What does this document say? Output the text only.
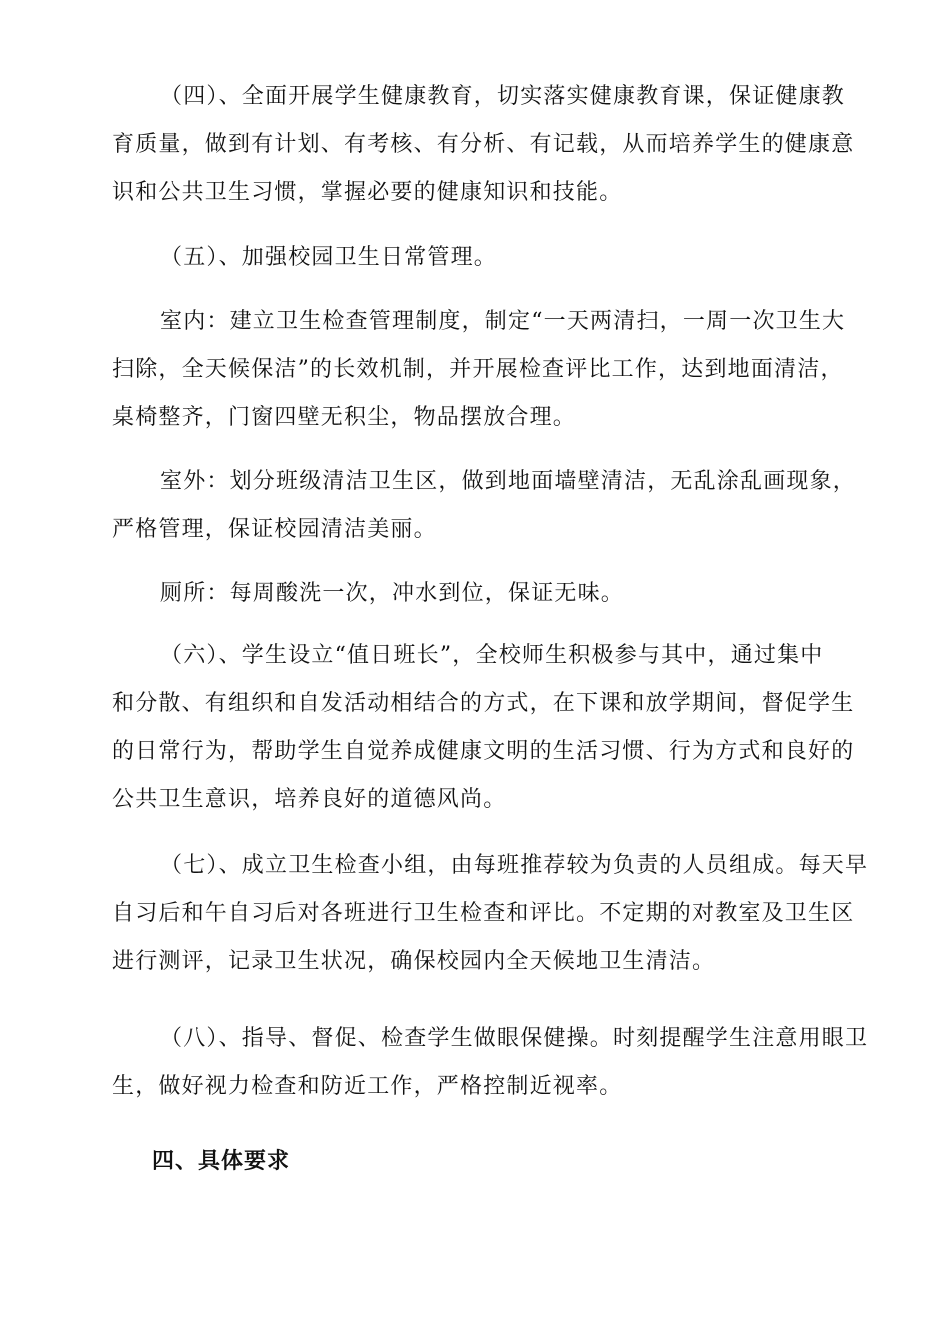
（四）、全面开展学生健康教育，切实落实健康教育课，保证健康教
育质量，做到有计划、有考核、有分析、有记载，从而培养学生的健康意
识和公共卫生习惯，掌握必要的健康知识和技能。
（五）、加强校园卫生日常管理。
室内：建立卫生检查管理制度，制定“一天两清扫，一周一次卫生大
扫除，全天候保洁”的长效机制，并开展检查评比工作，达到地面清洁，
桌椅整齐，门窗四壁无积尘，物品摆放合理。
室外：划分班级清洁卫生区，做到地面墙壁清洁，无乱涂乱画现象，
严格管理，保证校园清洁美丽。
厕所：每周酸洗一次，冲水到位，保证无味。
（六）、学生设立“值日班长”，全校师生积极参与其中，通过集中
和分散、有组织和自发活动相结合的方式，在下课和放学期间，督促学生
的日常行为，帮助学生自觉养成健康文明的生活习惯、行为方式和良好的
公共卫生意识，培养良好的道德风尚。
（七）、成立卫生检查小组，由每班推荐较为负责的人员组成。每天早
自习后和午自习后对各班进行卫生检查和评比。不定期的对教室及卫生区
进行测评，记录卫生状况，确保校园内全天候地卫生清洁。
（八）、指导、督促、检查学生做眼保健操。时刻提醒学生注意用眼卫
生，做好视力检查和防近工作，严格控制近视率。
四、具体要求
